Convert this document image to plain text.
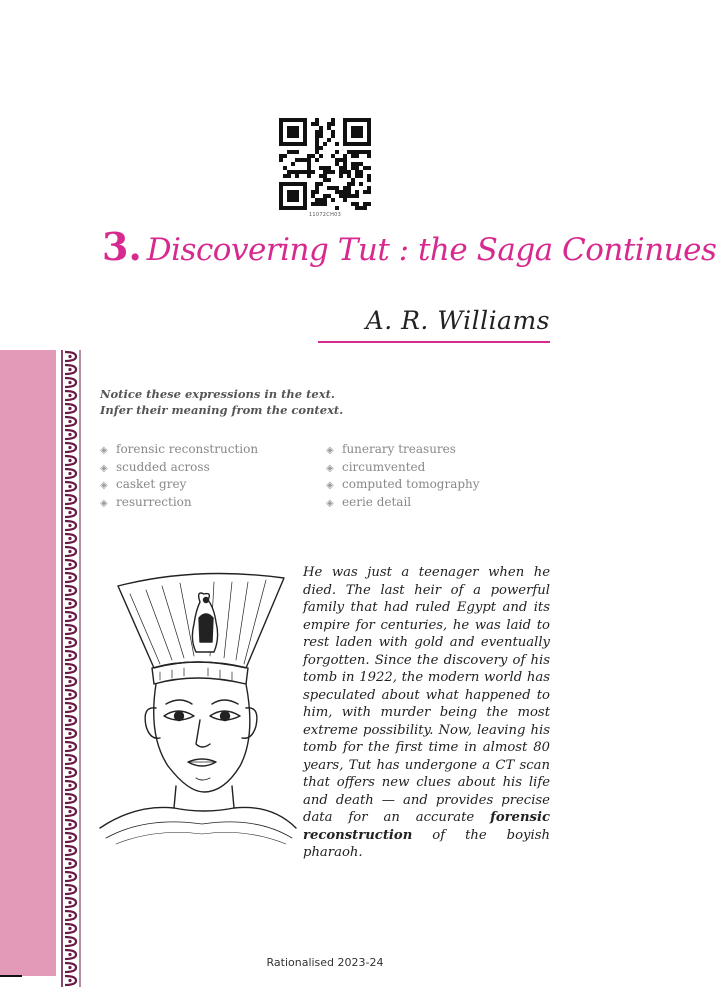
11072CH03
3. Discovering Tut : the Saga Continues
A. R. Williams
Notice these expressions in the text.
Infer their meaning from the context.
◈ forensic reconstruction
◈ scudded across
◈ casket grey
◈ resurrection
◈ funerary treasures
◈ circumvented
◈ computed tomography
◈ eerie detail

He was just a teenager when he died. The last heir of a powerful family that had ruled Egypt and its empire for centuries, he was laid to rest laden with gold and eventually forgotten. Since the discovery of his tomb in 1922, the modern world has speculated about what happened to him, with murder being the most extreme possibility. Now, leaving his tomb for the first time in almost 80 years, Tut has undergone a CT scan that offers new clues about his life and death — and provides precise data for an accurate forensic reconstruction of the boyish pharaoh.

Rationalised 2023-24
